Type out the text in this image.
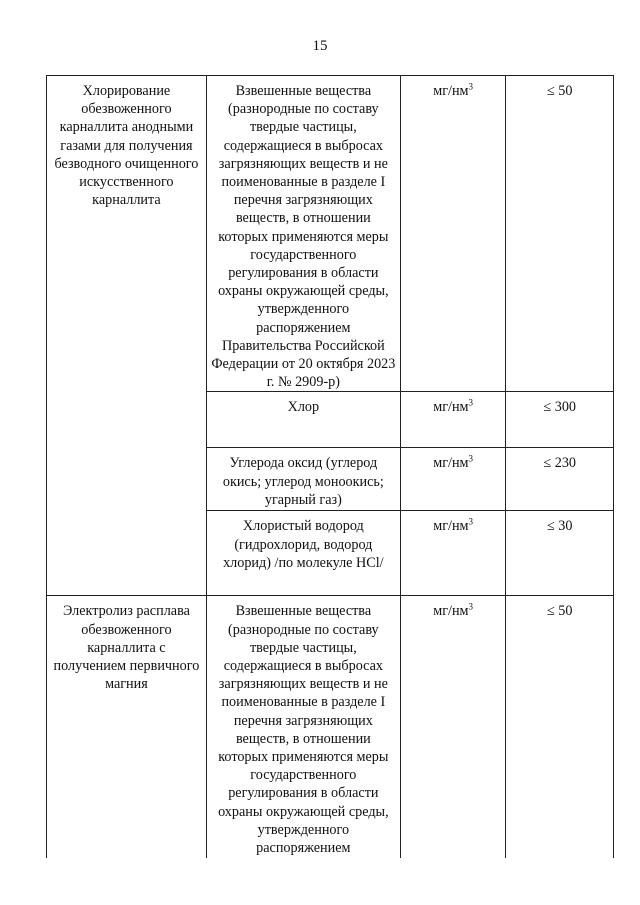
15
Хлорирование обезвоженного карналлита анодными газами для получения безводного очищенного искусственного карналлита	Взвешенные вещества (разнородные по составу твердые частицы, содержащиеся в выбросах загрязняющих веществ и не поименованные в разделе I перечня загрязняющих веществ, в отношении которых применяются меры государственного регулирования в области охраны окружающей среды, утвержденного распоряжением Правительства Российской Федерации от 20 октября 2023 г. № 2909-р)	$мг/нм^3$	≤ 50

	Хлор	$мг/нм^3$	≤ 300

	Углерода оксид (углерод окись; углерод моноокись; угарный газ)	$мг/нм^3$	≤ 230

	Хлористый водород (гидрохлорид, водород хлорид) /по молекуле HCl/	$мг/нм^3$	≤ 30

Электролиз расплава обезвоженного карналлита с получением первичного магния	Взвешенные вещества (разнородные по составу твердые частицы, содержащиеся в выбросах загрязняющих веществ и не поименованные в разделе I перечня загрязняющих веществ, в отношении которых применяются меры государственного регулирования в области охраны окружающей среды, утвержденного распоряжением	$мг/нм^3$	≤ 50
